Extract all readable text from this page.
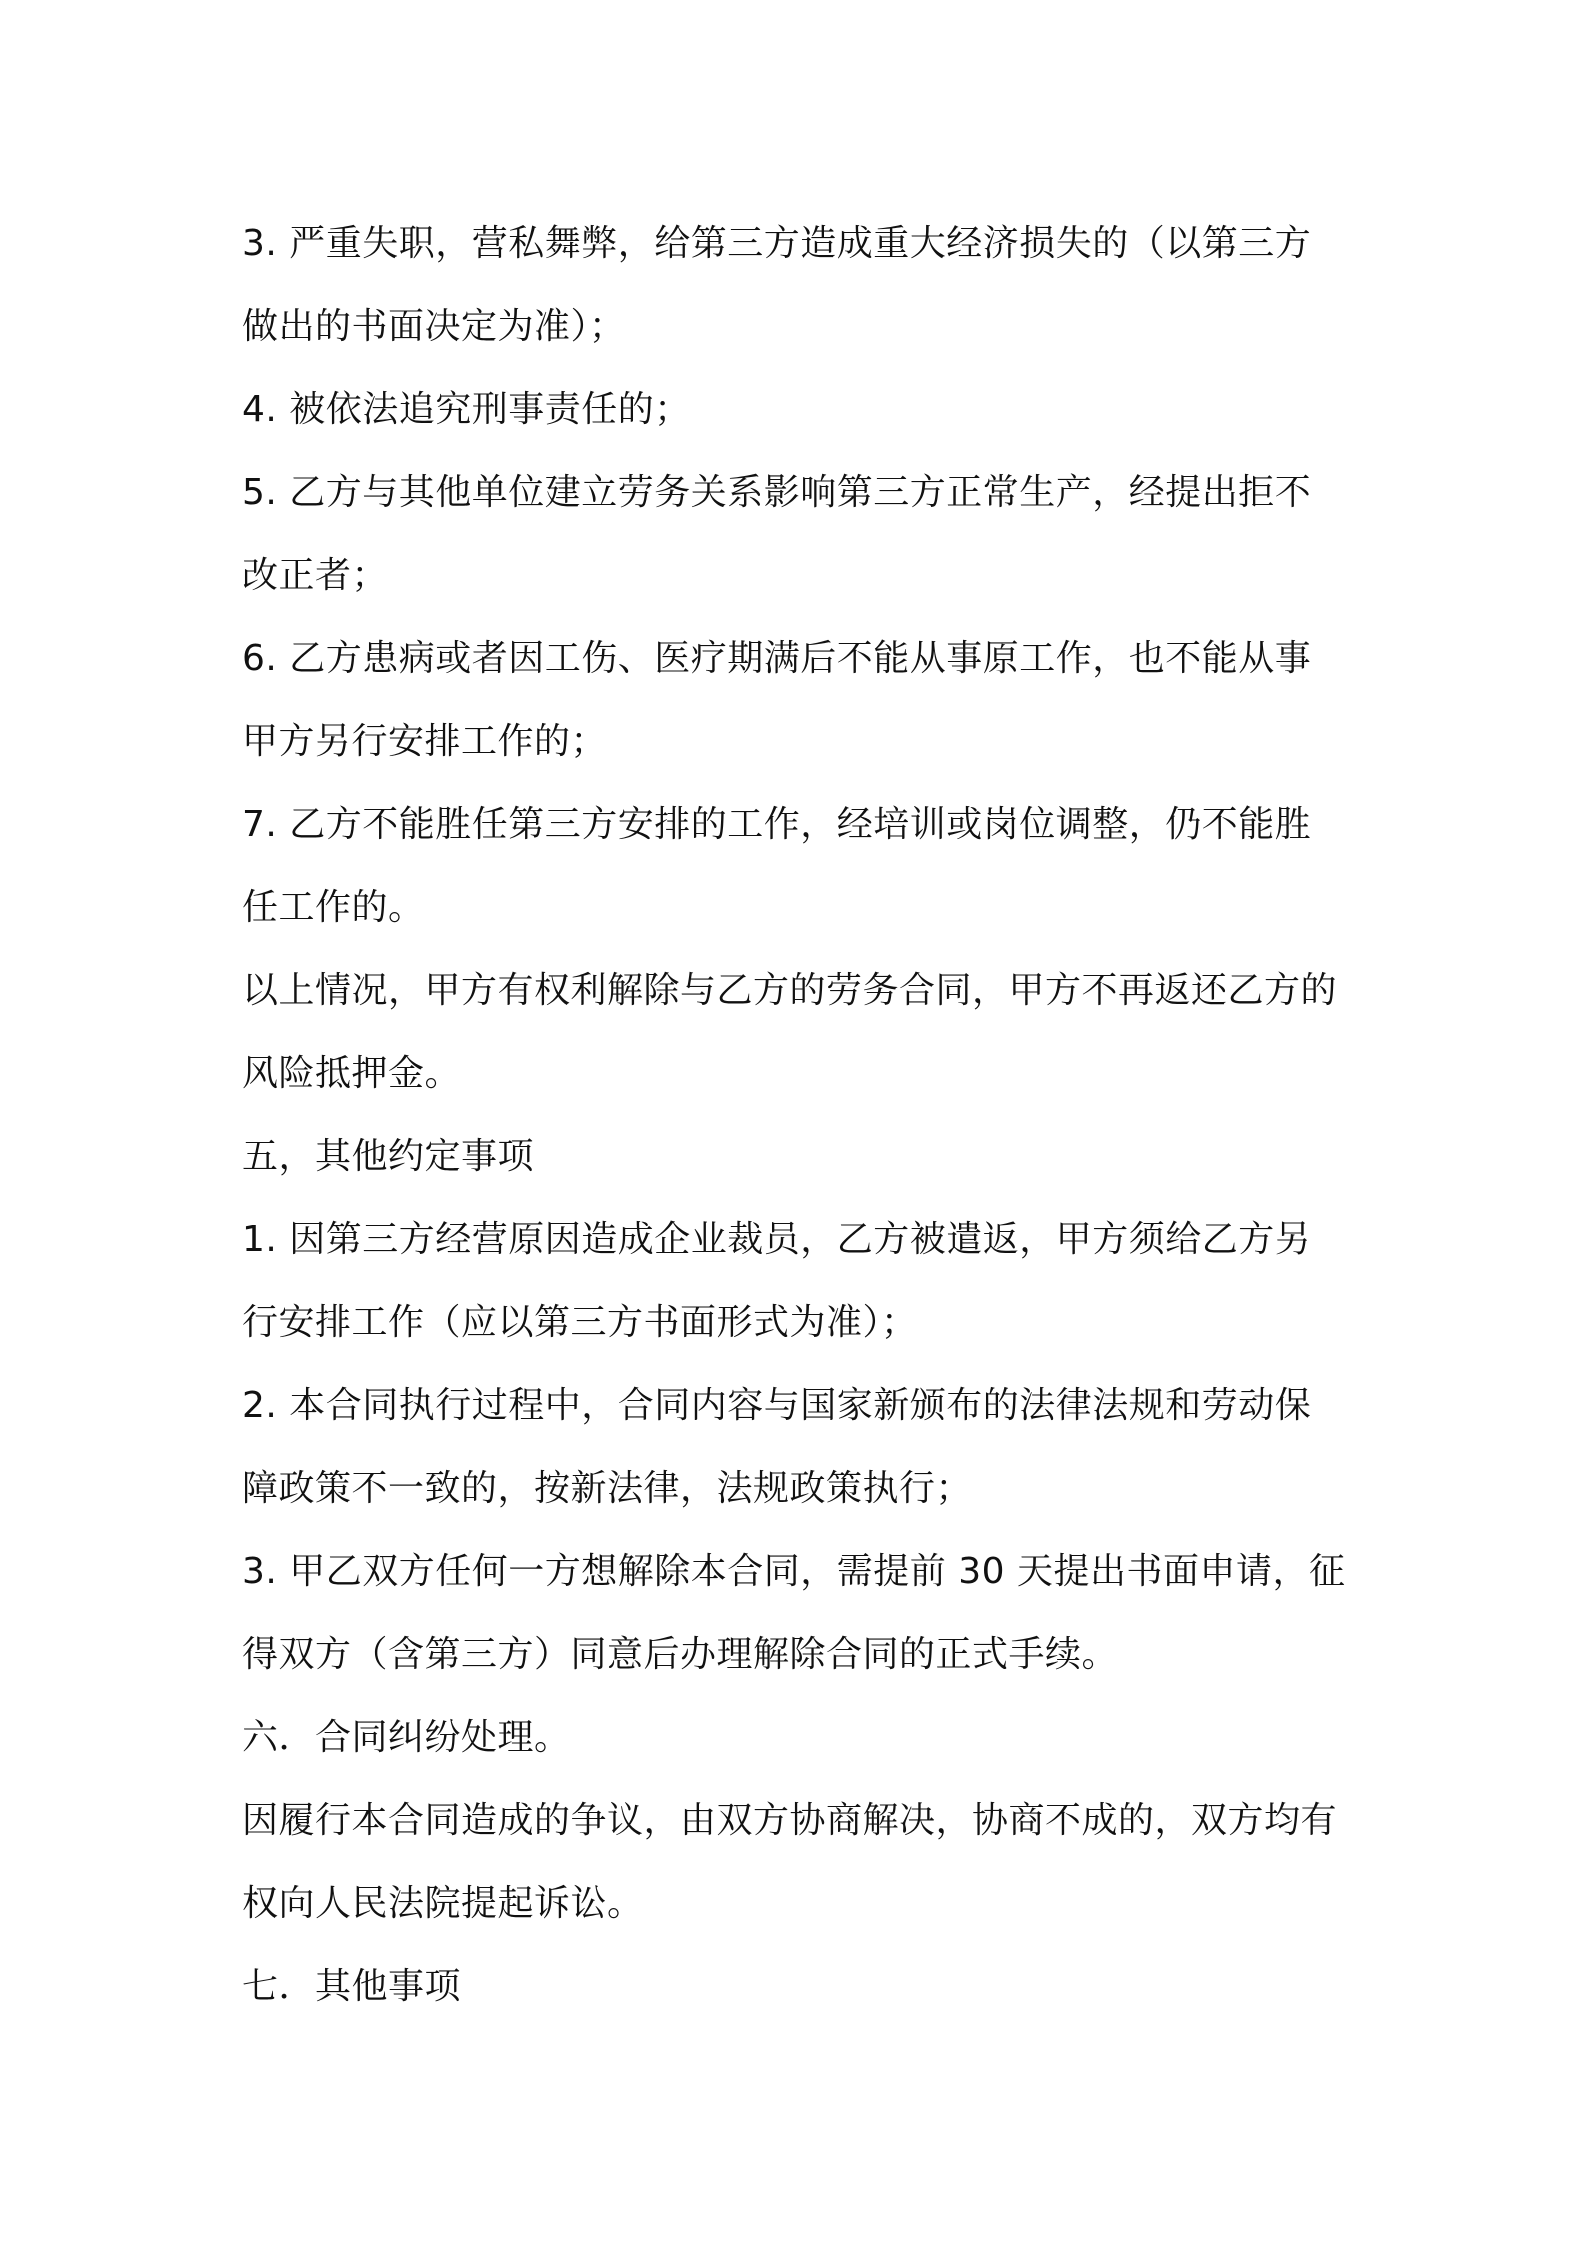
3. 严重失职，营私舞弊，给第三方造成重大经济损失的（以第三方
做出的书面决定为准）；
4. 被依法追究刑事责任的；
5. 乙方与其他单位建立劳务关系影响第三方正常生产，经提出拒不
改正者；
6. 乙方患病或者因工伤、医疗期满后不能从事原工作，也不能从事
甲方另行安排工作的；
7. 乙方不能胜任第三方安排的工作，经培训或岗位调整，仍不能胜
任工作的。
以上情况，甲方有权利解除与乙方的劳务合同，甲方不再返还乙方的
风险抵押金。
五，其他约定事项
1. 因第三方经营原因造成企业裁员，乙方被遣返，甲方须给乙方另
行安排工作（应以第三方书面形式为准）；
2. 本合同执行过程中，合同内容与国家新颁布的法律法规和劳动保
障政策不一致的，按新法律，法规政策执行；
3. 甲乙双方任何一方想解除本合同，需提前 30 天提出书面申请，征
得双方（含第三方）同意后办理解除合同的正式手续。
六．合同纠纷处理。
因履行本合同造成的争议，由双方协商解决，协商不成的，双方均有
权向人民法院提起诉讼。
七．其他事项
